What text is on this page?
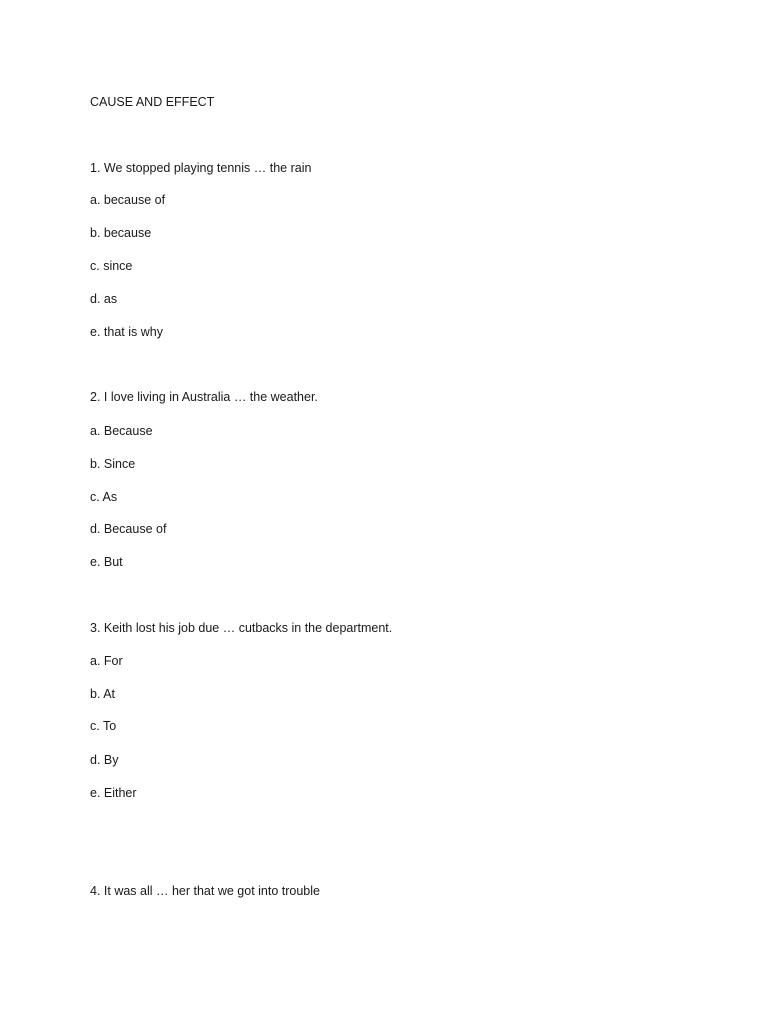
CAUSE AND EFFECT
1. We stopped playing tennis … the rain
a. because of
b. because
c. since
d. as
e. that is why
2. I love living in Australia … the weather.
a. Because
b. Since
c. As
d. Because of
e. But
3. Keith lost his job due … cutbacks in the department.
a. For
b. At
c. To
d. By
e. Either
4. It was all … her that we got into trouble
